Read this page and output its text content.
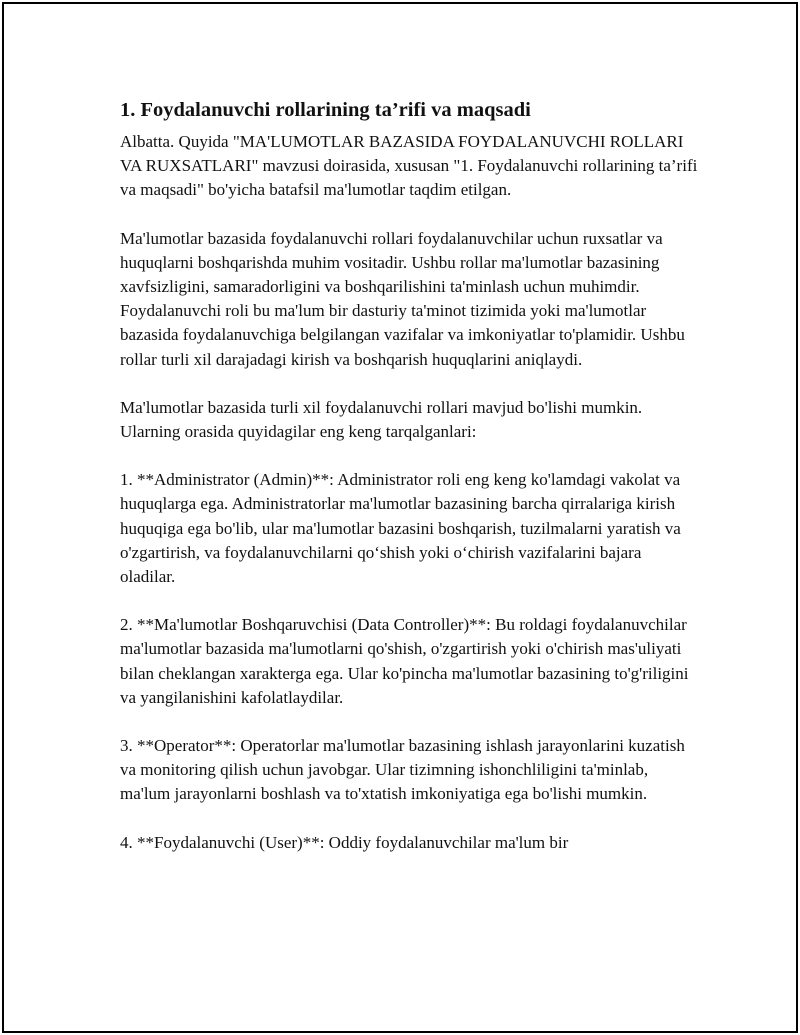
1. Foydalanuvchi rollarining ta’rifi va maqsadi

Albatta. Quyida "MA'LUMOTLAR BAZASIDA FOYDALANUVCHI ROLLARI VA RUXSATLARI" mavzusi doirasida, xususan "1. Foydalanuvchi rollarining ta’rifi va maqsadi" bo'yicha batafsil ma'lumotlar taqdim etilgan.

Ma'lumotlar bazasida foydalanuvchi rollari foydalanuvchilar uchun ruxsatlar va huquqlarni boshqarishda muhim vositadir. Ushbu rollar ma'lumotlar bazasining xavfsizligini, samaradorligini va boshqarilishini ta'minlash uchun muhimdir. Foydalanuvchi roli bu ma'lum bir dasturiy ta'minot tizimida yoki ma'lumotlar bazasida foydalanuvchiga belgilangan vazifalar va imkoniyatlar to'plamidir. Ushbu rollar turli xil darajadagi kirish va boshqarish huquqlarini aniqlaydi.

Ma'lumotlar bazasida turli xil foydalanuvchi rollari mavjud bo'lishi mumkin. Ularning orasida quyidagilar eng keng tarqalganlari:

1. **Administrator (Admin)**: Administrator roli eng keng ko'lamdagi vakolat va huquqlarga ega. Administratorlar ma'lumotlar bazasining barcha qirralariga kirish huquqiga ega bo'lib, ular ma'lumotlar bazasini boshqarish, tuzilmalarni yaratish va o'zgartirish, va foydalanuvchilarni qo‘shish yoki o‘chirish vazifalarini bajara oladilar.

2. **Ma'lumotlar Boshqaruvchisi (Data Controller)**: Bu roldagi foydalanuvchilar ma'lumotlar bazasida ma'lumotlarni qo'shish, o'zgartirish yoki o'chirish mas'uliyati bilan cheklangan xarakterga ega. Ular ko'pincha ma'lumotlar bazasining to'g'riligini va yangilanishini kafolatlaydilar.

3. **Operator**: Operatorlar ma'lumotlar bazasining ishlash jarayonlarini kuzatish va monitoring qilish uchun javobgar. Ular tizimning ishonchliligini ta'minlab, ma'lum jarayonlarni boshlash va to'xtatish imkoniyatiga ega bo'lishi mumkin.

4. **Foydalanuvchi (User)**: Oddiy foydalanuvchilar ma'lum bir
